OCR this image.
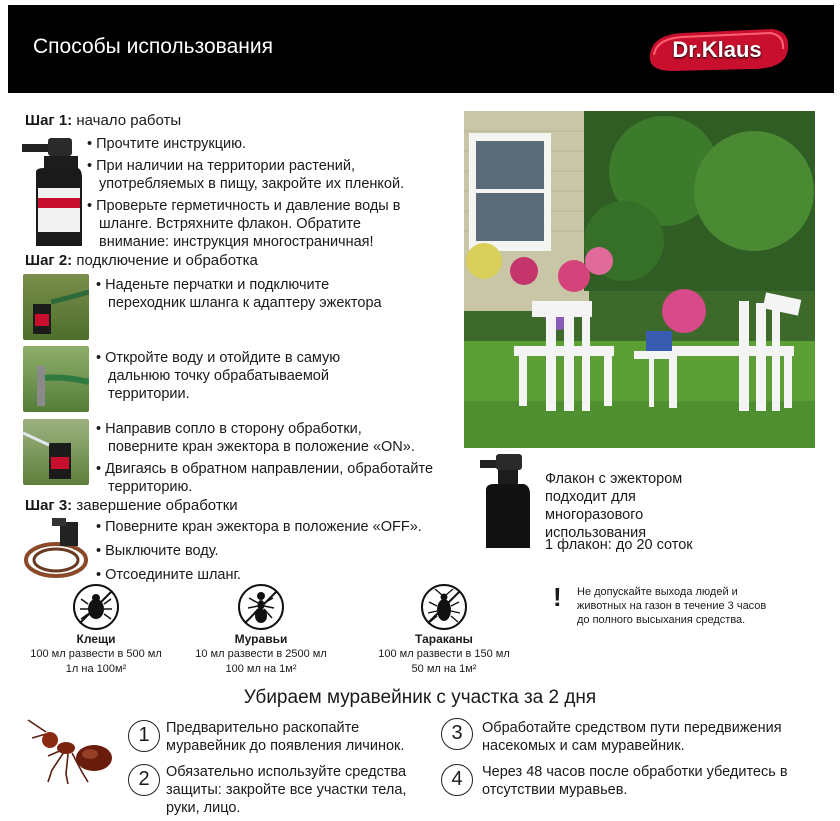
Способы использования	Dr.Klaus
Шаг 1: начало работы
• Прочтите инструкцию.
• При наличии на территории растений, употребляемых в пищу, закройте их пленкой.
• Проверьте герметичность и давление воды в шланге. Встряхните флакон. Обратите внимание: инструкция многостраничная!
Шаг 2: подключение и обработка
• Наденьте перчатки и подключите переходник шланга к адаптеру эжектора
• Откройте воду и отойдите в самую дальнюю точку обрабатываемой территории.
• Направив сопло в сторону обработки, поверните кран эжектора в положение «ON».
• Двигаясь в обратном направлении, обработайте территорию.
Шаг 3: завершение обработки
• Поверните кран эжектора в положение «OFF».
• Выключите воду.
• Отсоедините шланг.
Флакон с эжектором подходит для многоразового использования
1 флакон: до 20 соток
! Не допускайте выхода людей и животных на газон в течение 3 часов до полного высыхания средства.
Клещи
100 мл развести в 500 мл
1л на 100м²
Муравьи
10 мл развести в 2500 мл
100 мл на 1м²
Тараканы
100 мл развести в 150 мл
50 мл на 1м²
Убираем муравейник с участка за 2 дня
1	Предварительно раскопайте муравейник до появления личинок.
2	Обязательно используйте средства защиты: закройте все участки тела, руки, лицо.
3	Обработайте средством пути передвижения насекомых и сам муравейник.
4	Через 48 часов после обработки убедитесь в отсутствии муравьев.
